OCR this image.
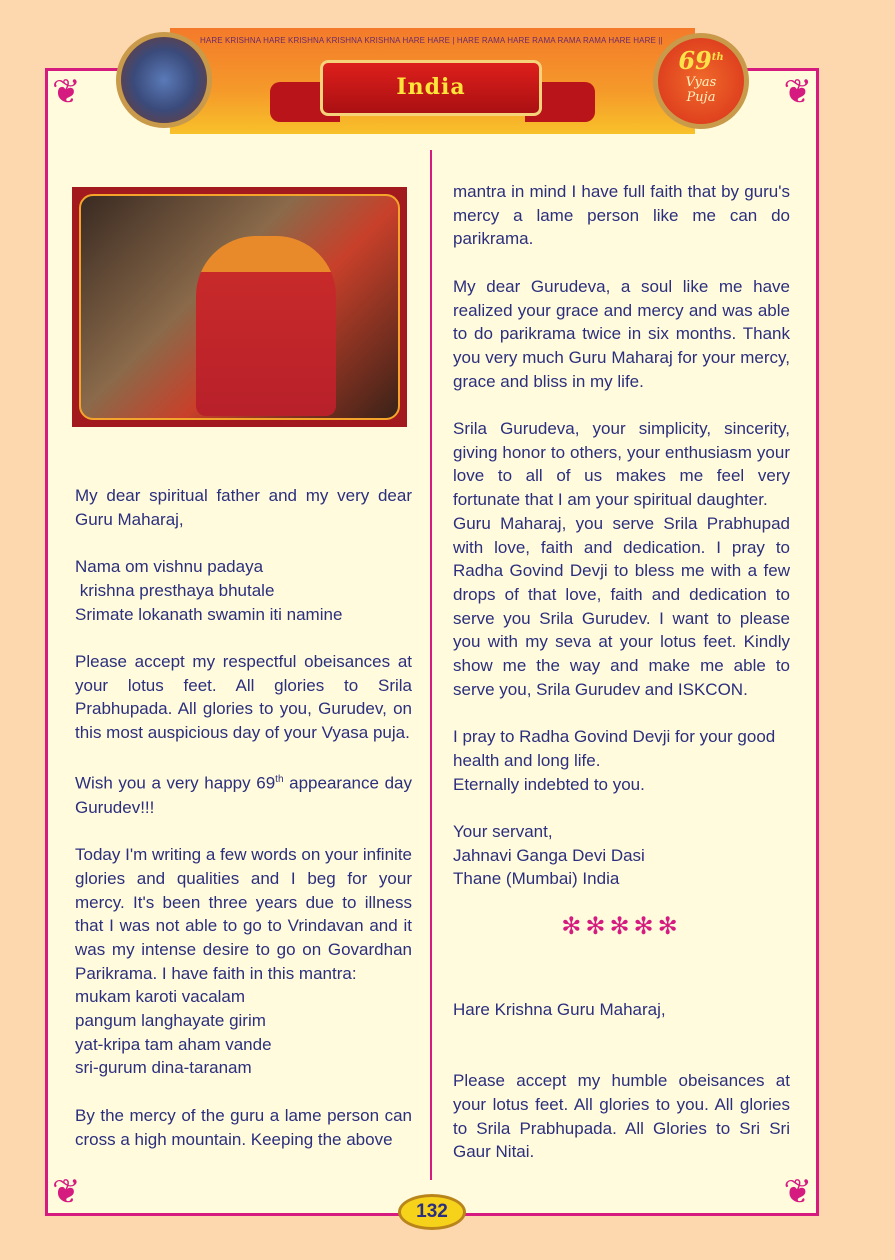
❦	❦
❦	❦
HARE KRISHNA HARE KRISHNA KRISHNA KRISHNA HARE HARE | HARE RAMA HARE RAMA RAMA RAMA HARE HARE ||
India
69th
Vyas
Puja

My dear spiritual father and my very dear Guru Maharaj,

Nama om vishnu padaya
krishna presthaya bhutale
Srimate lokanath swamin iti namine

Please accept my respectful obeisances at your lotus feet. All glories to Srila Prabhupada. All glories to you, Gurudev, on this most auspicious day of your Vyasa puja.

Wish you a very happy 69th appearance day Gurudev!!!

Today I'm writing a few words on your infinite glories and qualities and I beg for your mercy. It's been three years due to illness that I was not able to go to Vrindavan and it was my intense desire to go on Govardhan Parikrama. I have faith in this mantra:

mukam karoti vacalam
pangum langhayate girim
yat-kripa tam aham vande
sri-gurum dina-taranam

By the mercy of the guru a lame person can cross a high mountain. Keeping the above

mantra in mind I have full faith that by guru's mercy a lame person like me can do parikrama.

My dear Gurudeva, a soul like me have realized your grace and mercy and was able to do parikrama twice in six months. Thank you very much Guru Maharaj for your mercy, grace and bliss in my life.

Srila Gurudeva, your simplicity, sincerity, giving honor to others, your enthusiasm your love to all of us makes me feel very fortunate that I am your spiritual daughter.

Guru Maharaj, you serve Srila Prabhupad with love, faith and dedication. I pray to Radha Govind Devji to bless me with a few drops of that love, faith and dedication to serve you Srila Gurudev. I want to please you with my seva at your lotus feet. Kindly show me the way and make me able to serve you, Srila Gurudev and ISKCON.

I pray to Radha Govind Devji for your good health and long life.
Eternally indebted to you.

Your servant,
Jahnavi Ganga Devi Dasi
Thane (Mumbai) India

✻✻✻✻✻

Hare Krishna Guru Maharaj,

Please accept my humble obeisances at your lotus feet. All glories to you. All glories to Srila Prabhupada. All Glories to Sri Sri Gaur Nitai.

132
